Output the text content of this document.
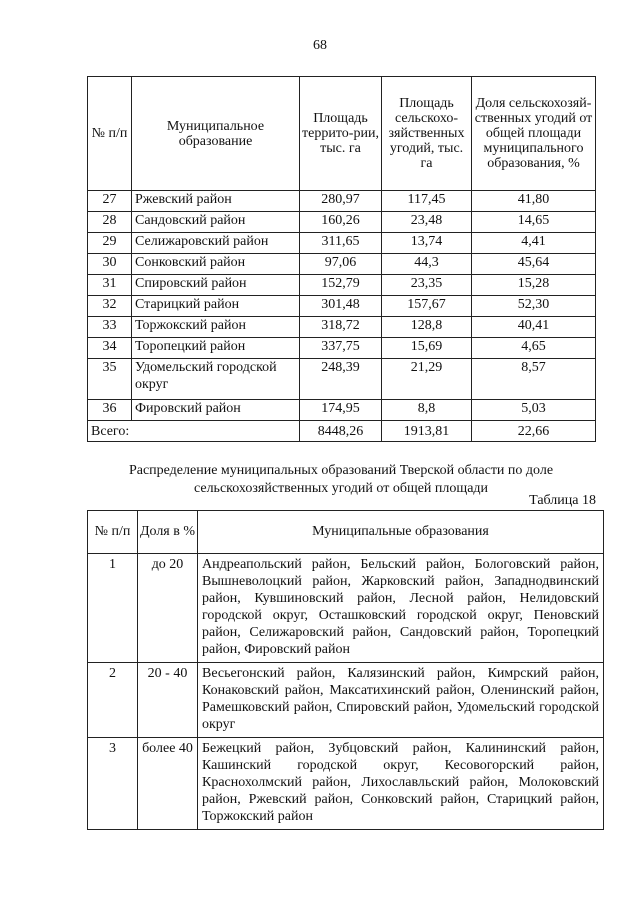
68
№ п/п	Муниципальное образование	Площадь террито-рии, тыс. га	Площадь сельскохо-зяйственных угодий, тыс. га	Доля сельскохозяй-ственных угодий от общей площади муниципального образования, %
27	Ржевский район	280,97	117,45	41,80
28	Сандовский район	160,26	23,48	14,65
29	Селижаровский район	311,65	13,74	4,41
30	Сонковский район	97,06	44,3	45,64
31	Спировский район	152,79	23,35	15,28
32	Старицкий район	301,48	157,67	52,30
33	Торжокский район	318,72	128,8	40,41
34	Торопецкий район	337,75	15,69	4,65
35	Удомельский городской округ	248,39	21,29	8,57
36	Фировский район	174,95	8,8	5,03
Всего:		8448,26	1913,81	22,66
Распределение муниципальных образований Тверской области по доле
сельскохозяйственных угодий от общей площади
Таблица 18
№ п/п	Доля в %	Муниципальные образования
1	до 20	Андреапольский район, Бельский район, Бологовский район, Вышневолоцкий район, Жарковский район, Западнодвинский район, Кувшиновский район, Лесной район, Нелидовский городской округ, Осташковский городской округ, Пеновский район, Селижаровский район, Сандовский район, Торопецкий район, Фировский район
2	20 - 40	Весьегонский район, Калязинский район, Кимрский район, Конаковский район, Максатихинский район, Оленинский район, Рамешковский район, Спировский район, Удомельский городской округ
3	более 40	Бежецкий район, Зубцовский район, Калининский район, Кашинский городской округ, Кесовогорский район, Краснохолмский район, Лихославльский район, Молоковский район, Ржевский район, Сонковский район, Старицкий район, Торжокский район
